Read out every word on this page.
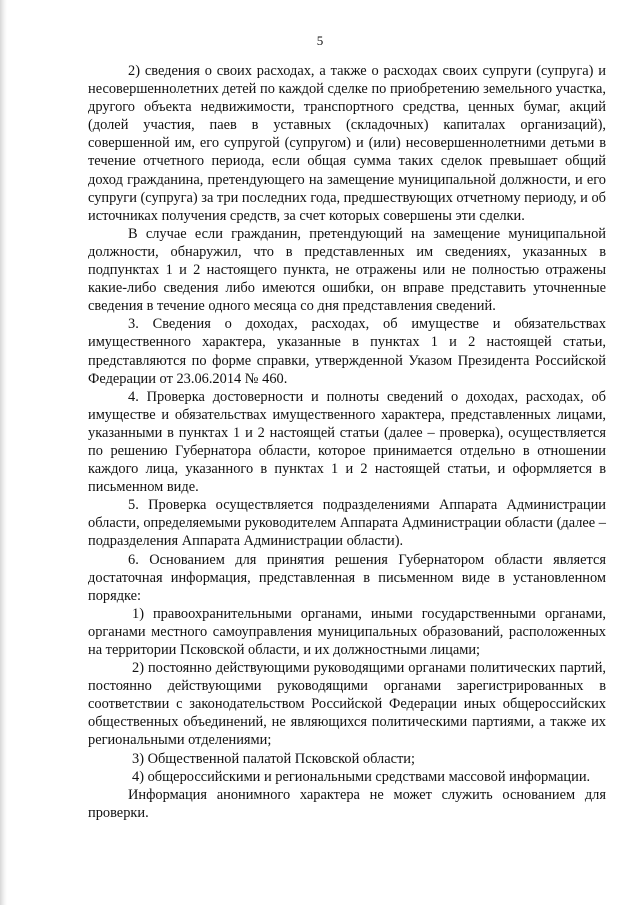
5

2) сведения о своих расходах, а также о расходах своих супруги (супруга) и несовершеннолетних детей по каждой сделке по приобретению земельного участка, другого объекта недвижимости, транспортного средства, ценных бумаг, акций (долей участия, паев в уставных (складочных) капиталах организаций), совершенной им, его супругой (супругом) и (или) несовершеннолетними детьми в течение отчетного периода, если общая сумма таких сделок превышает общий доход гражданина, претендующего на замещение муниципальной должности, и его супруги (супруга) за три последних года, предшествующих отчетному периоду, и об источниках получения средств, за счет которых совершены эти сделки.

В случае если гражданин, претендующий на замещение муниципальной должности, обнаружил, что в представленных им сведениях, указанных в подпунктах 1 и 2 настоящего пункта, не отражены или не полностью отражены какие-либо сведения либо имеются ошибки, он вправе представить уточненные сведения в течение одного месяца со дня представления сведений.

3. Сведения о доходах, расходах, об имуществе и обязательствах имущественного характера, указанные в пунктах 1 и 2 настоящей статьи, представляются по форме справки, утвержденной Указом Президента Российской Федерации от 23.06.2014 № 460.

4. Проверка достоверности и полноты сведений о доходах, расходах, об имуществе и обязательствах имущественного характера, представленных лицами, указанными в пунктах 1 и 2 настоящей статьи (далее – проверка), осуществляется по решению Губернатора области, которое принимается отдельно в отношении каждого лица, указанного в пунктах 1 и 2 настоящей статьи, и оформляется в письменном виде.

5. Проверка осуществляется подразделениями Аппарата Администрации области, определяемыми руководителем Аппарата Администрации области (далее – подразделения Аппарата Администрации области).

6. Основанием для принятия решения Губернатором области является достаточная информация, представленная в письменном виде в установленном порядке:

1) правоохранительными органами, иными государственными органами, органами местного самоуправления муниципальных образований, расположенных на территории Псковской области, и их должностными лицами;

2) постоянно действующими руководящими органами политических партий, постоянно действующими руководящими органами зарегистрированных в соответствии с законодательством Российской Федерации иных общероссийских общественных объединений, не являющихся политическими партиями, а также их региональными отделениями;

3) Общественной палатой Псковской области;

4) общероссийскими и региональными средствами массовой информации.

Информация анонимного характера не может служить основанием для проверки.
